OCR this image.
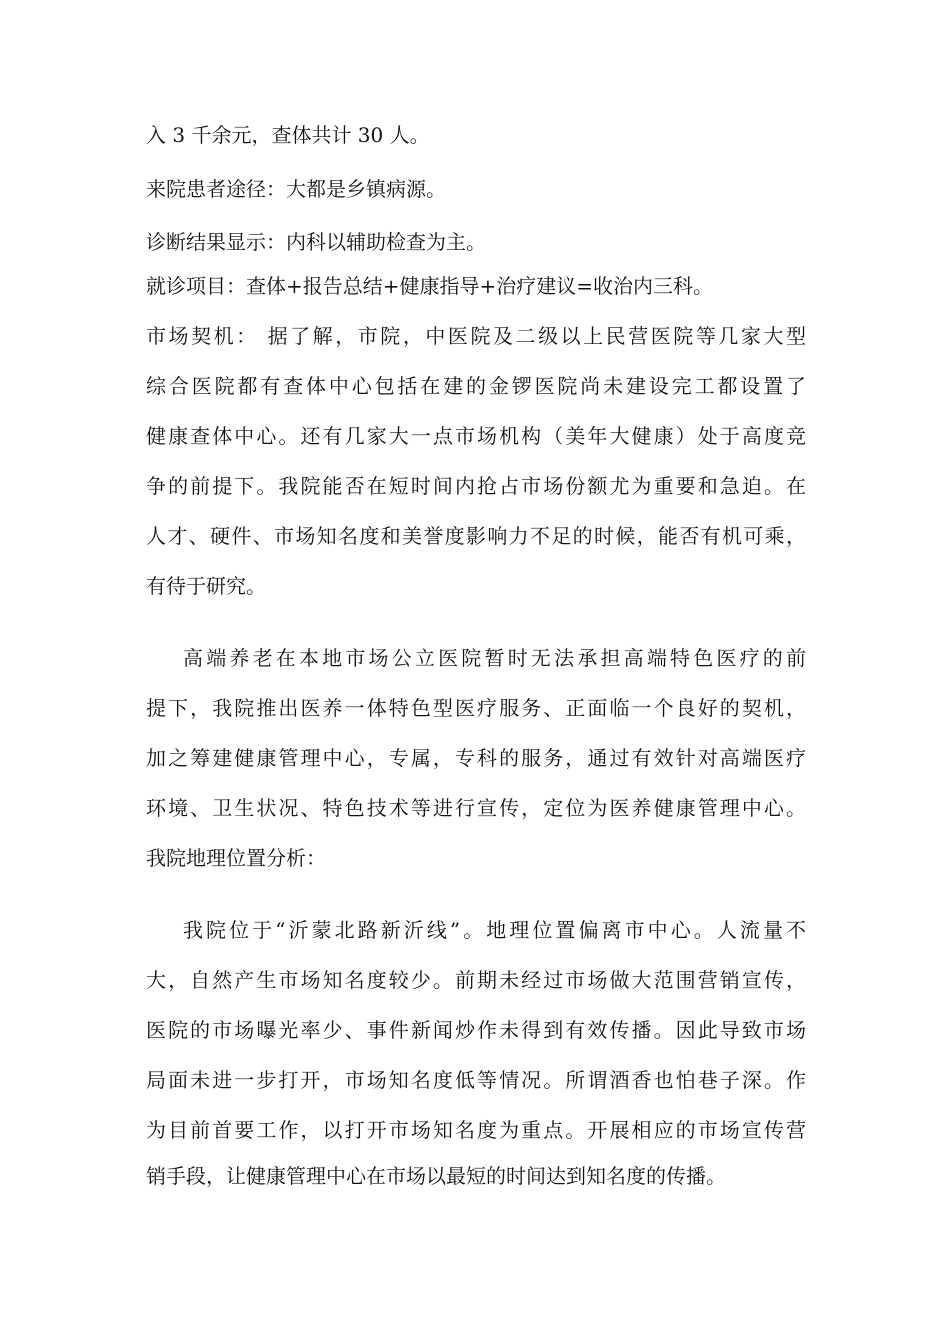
入 3 千余元，查体共计 30 人。
来院患者途径：大都是乡镇病源。
诊断结果显示：内科以辅助检查为主。
就诊项目：查体+报告总结+健康指导+治疗建议=收治内三科。
市场契机： 据了解，市院，中医院及二级以上民营医院等几家大型
综合医院都有查体中心包括在建的金锣医院尚未建设完工都设置了
健康查体中心。还有几家大一点市场机构（美年大健康）处于高度竞
争的前提下。我院能否在短时间内抢占市场份额尤为重要和急迫。在
人才、硬件、市场知名度和美誉度影响力不足的时候，能否有机可乘，
有待于研究。
高端养老在本地市场公立医院暂时无法承担高端特色医疗的前
提下，我院推出医养一体特色型医疗服务、正面临一个良好的契机，
加之筹建健康管理中心，专属，专科的服务，通过有效针对高端医疗
环境、卫生状况、特色技术等进行宣传，定位为医养健康管理中心。
我院地理位置分析：
我院位于“沂蒙北路新沂线”。地理位置偏离市中心。人流量不
大，自然产生市场知名度较少。前期未经过市场做大范围营销宣传，
医院的市场曝光率少、事件新闻炒作未得到有效传播。因此导致市场
局面未进一步打开，市场知名度低等情况。所谓酒香也怕巷子深。作
为目前首要工作，以打开市场知名度为重点。开展相应的市场宣传营
销手段，让健康管理中心在市场以最短的时间达到知名度的传播。
